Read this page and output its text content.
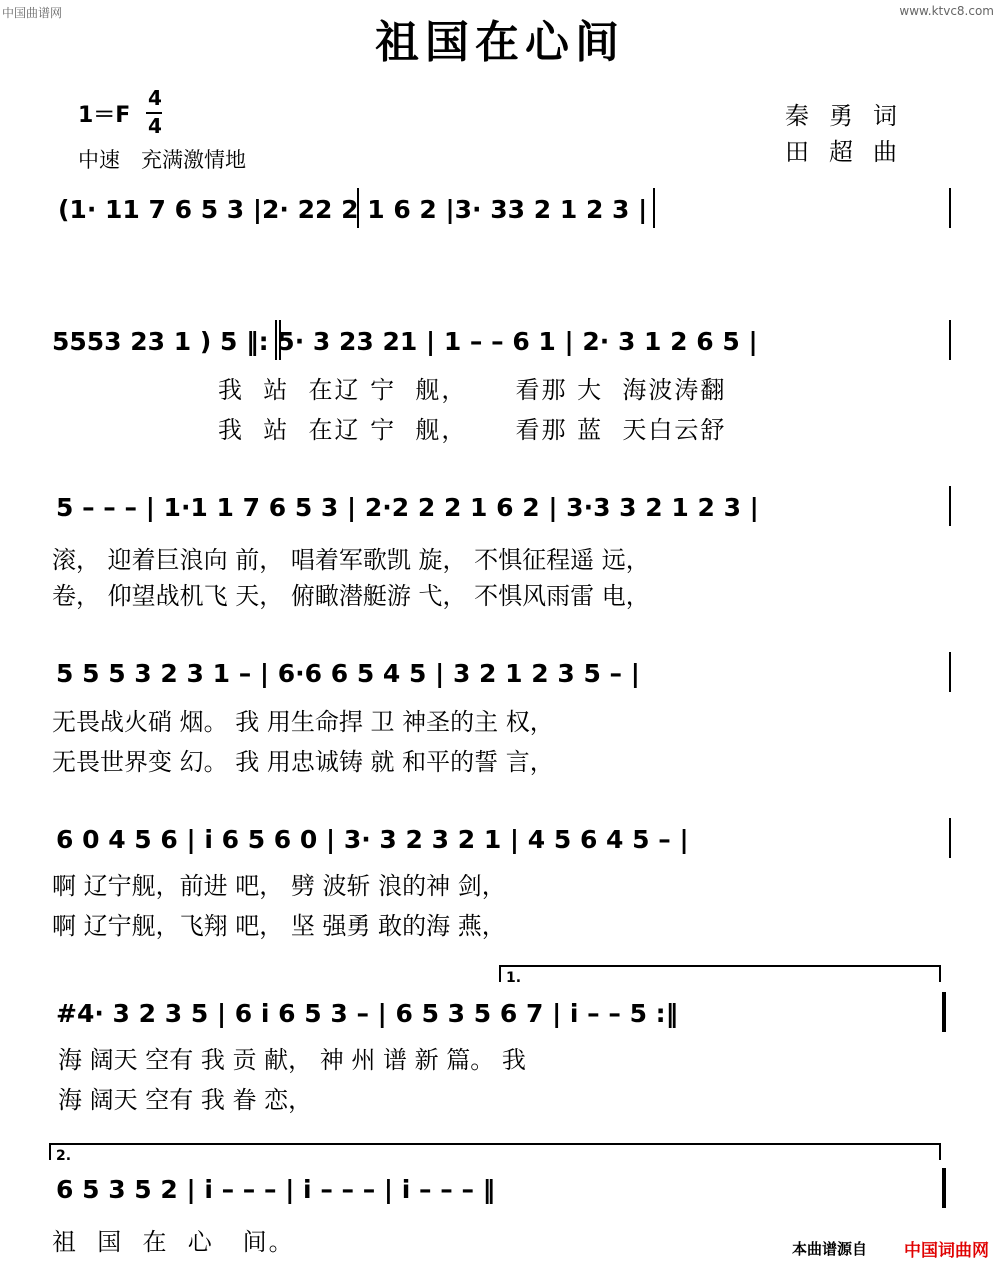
中国曲谱网	www.ktvc8.com
祖国在心间
1＝F
4
4
中速　充满激情地
秦勇词
田超曲
(1· 11 7 6 5 3 |2· 22 2 1 6 2 |3· 33 2 1 2 3 |
5553 23 1 ) 5 ‖: 5· 3 23 21 | 1 – – 6 1 | 2· 3 1 2 6 5 |
我  站  在辽 宁  舰，     看那 大  海波涛翻
我  站  在辽 宁  舰，     看那 蓝  天白云舒
5 – – – | 1·1 1 7 6 5 3 | 2·2 2 2 1 6 2 | 3·3 3 2 1 2 3 |
滚， 迎着巨浪向 前， 唱着军歌凯 旋， 不惧征程遥 远，
卷， 仰望战机飞 天， 俯瞰潜艇游 弋， 不惧风雨雷 电，
5 5 5 3 2 3 1 – | 6·6 6 5 4 5 | 3 2 1 2 3 5 – |
无畏战火硝 烟。 我 用生命捍 卫 神圣的主 权，
无畏世界变 幻。 我 用忠诚铸 就 和平的誓 言，
6 0 4 5 6 | i 6 5 6 0 | 3· 3 2 3 2 1 | 4 5 6 4 5 – |
啊 辽宁舰，前进 吧， 劈 波斩 浪的神 剑，
啊 辽宁舰，飞翔 吧， 坚 强勇 敢的海 燕，
1.
#4· 3 2 3 5 | 6 i 6 5 3 – | 6 5 3 5 6 7 | i – – 5 :‖
海 阔天 空有 我 贡 献， 神 州 谱 新 篇。 我
海 阔天 空有 我 眷 恋，
2.
6 5 3 5 2 | i – – – | i – – – | i – – – ‖
祖  国  在  心   间。	本曲谱源自 中国词曲网
